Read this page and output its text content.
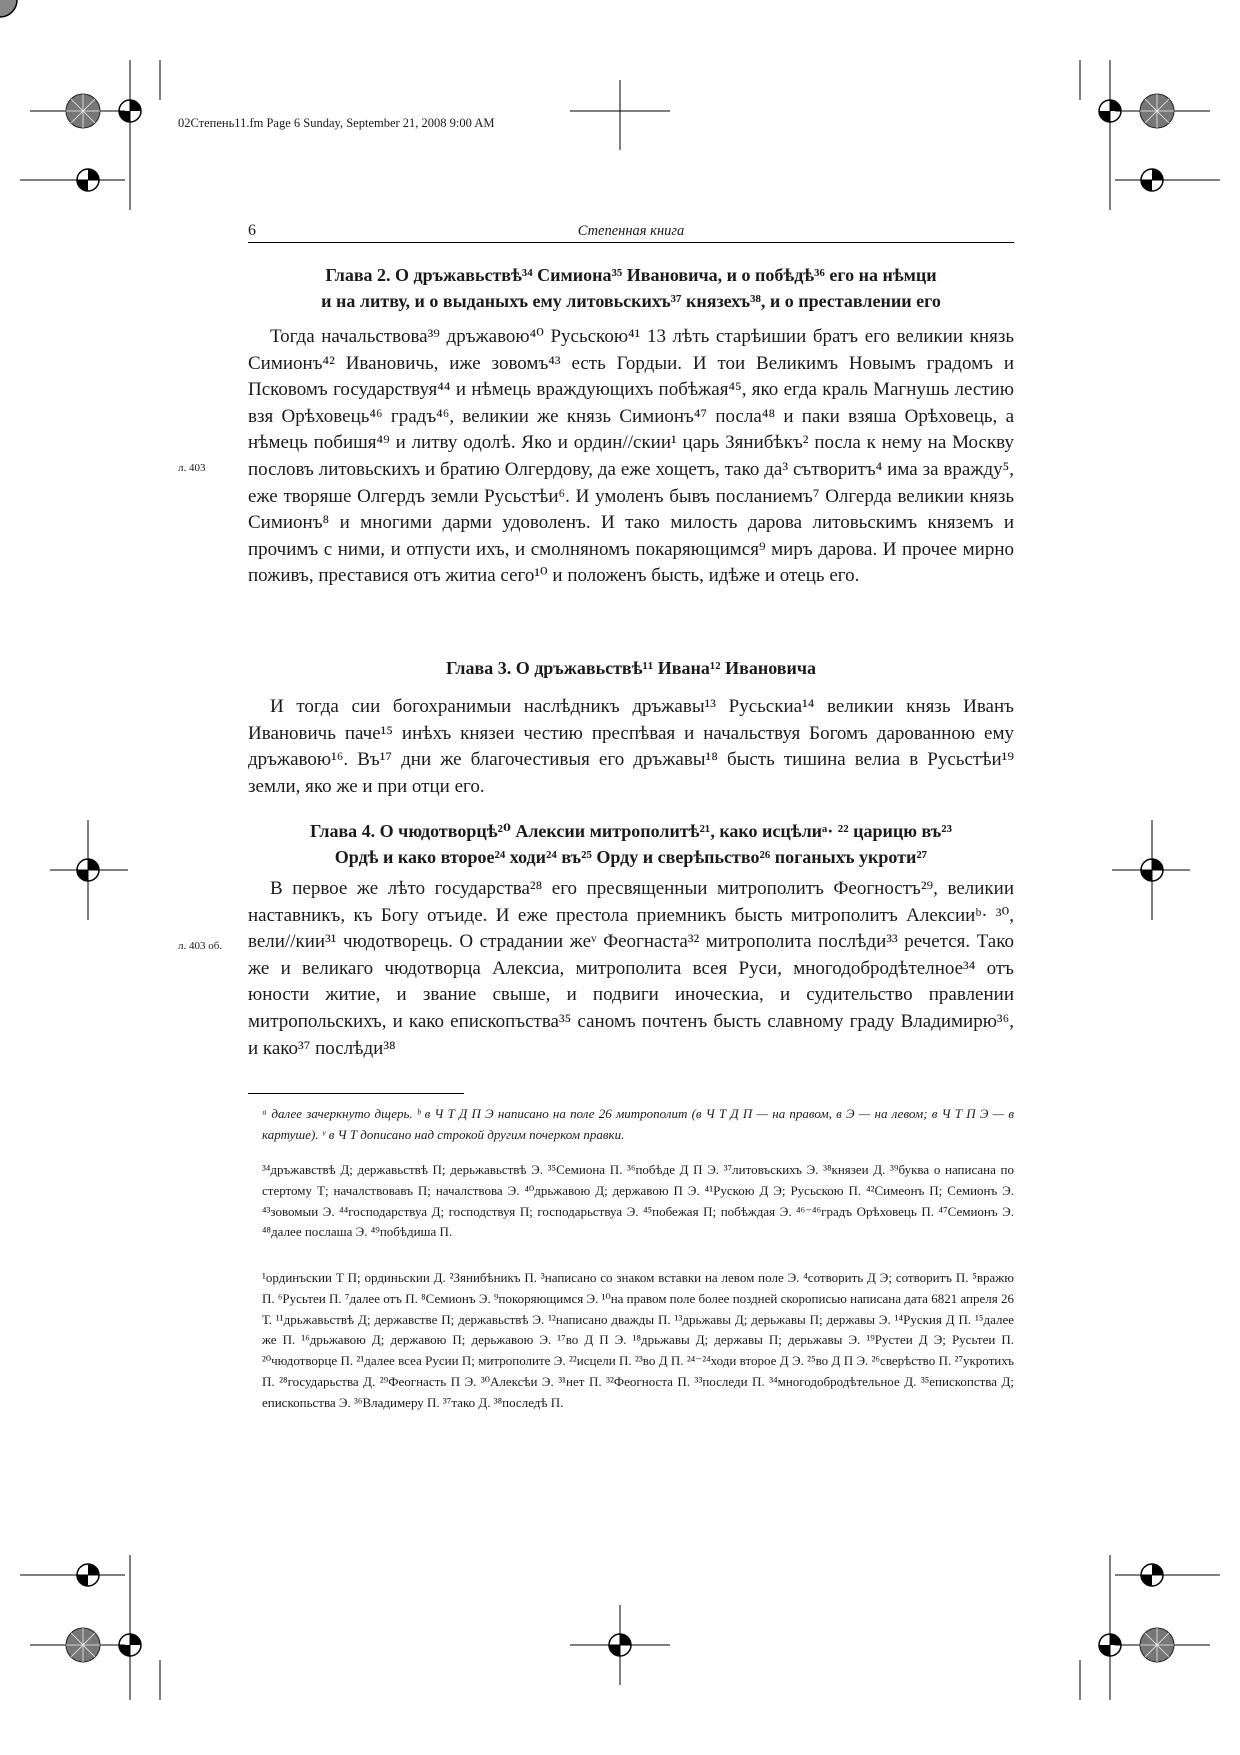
02Степень11.fm Page 6 Sunday, September 21, 2008 9:00 AM
6	Степенная книга
Глава 2. О дръжавьствѣ³⁴ Симиона³⁵ Ивановича, и о побѣдѣ³⁶ его на нѣмци
и на литву, и о выданыхъ ему литовьскихъ³⁷ князехъ³⁸, и о преставлении его

Тогда начальствова³⁹ дръжавою⁴⁰ Русьскою⁴¹ 13 лѣть старѣишии братъ его великии князь Симионъ⁴² Ивановичь, иже зовомъ⁴³ есть Гордыи. И тои Великимъ Новымъ градомъ и Псковомъ государствуя⁴⁴ и нѣмець враждующихъ побѣжая⁴⁵, яко егда краль Магнушь лестию взя Орѣховець⁴⁶ градъ⁴⁶, великии же князь Симионъ⁴⁷ посла⁴⁸ и паки взяша Орѣховець, а нѣмець побишя⁴⁹ и литву одолѣ. Яко и ордин//скии¹ царь Зянибѣкъ² посла к нему на Москву пословъ литовьскихъ и братию Олгердову, да еже хощетъ, тако да³ сътворитъ⁴ има за вражду⁵, еже творяше Олгердъ земли Русьстѣи⁶. И умоленъ бывъ посланиемъ⁷ Олгерда великии князь Симионъ⁸ и многими дарми удоволенъ. И тако милость дарова литовьскимъ княземъ и прочимъ с ними, и отпусти ихъ, и смолняномъ покаряющимся⁹ миръ дарова. И прочее мирно поживъ, преставися отъ житиа сего¹⁰ и положенъ бысть, идѣже и отець его.

л. 403
Глава 3. О дръжавьствѣ¹¹ Ивана¹² Ивановича

И тогда сии богохранимыи наслѣдникъ дръжавы¹³ Русьскиа¹⁴ великии князь Иванъ Ивановичь паче¹⁵ инѣхъ князеи честию преспѣвая и начальствуя Богомъ дарованною ему дръжавою¹⁶. Въ¹⁷ дни же благочестивыя его дръжавы¹⁸ бысть тишина велиа в Русьстѣи¹⁹ земли, яко же и при отци его.

Глава 4. О чюдотворцѣ²⁰ Алексии митрополитѣ²¹, како исцѣлиᵃ· ²² царицю въ²³
Ордѣ и како второе²⁴ ходи²⁴ въ²⁵ Орду и сверѣпьство²⁶ поганыхъ укроти²⁷

В первое же лѣто государства²⁸ его пресвященныи митрополитъ Феогностъ²⁹, великии наставникъ, къ Богу отъиде. И еже престола приемникъ бысть митрополитъ Алексииᵇ· ³⁰, вели//кии³¹ чюдотворець. О страдании жеᵛ Феогнаста³² митрополита послѣди³³ речется. Тако же и великаго чюдотворца Алексиа, митрополита всея Руси, многодобродѣтелное³⁴ отъ юности житие, и звание свыше, и подвиги иноческиа, и судительство правлении митропольскихъ, и како епископъства³⁵ саномъ почтенъ бысть славному граду Владимирю³⁶, и како³⁷ послѣди³⁸

л. 403 об.

ᵃ далее зачеркнуто дщерь. ᵇ в Ч Т Д П Э написано на поле 26 митрополит (в Ч Т Д П — на правом, в Э — на левом; в Ч Т П Э — в картуше). ᵛ в Ч Т дописано над строкой другим почерком правки.

³⁴дръжавствѣ Д; державьствѣ П; дерьжавьствѣ Э. ³⁵Семиона П. ³⁶побѣде Д П Э. ³⁷литовъскихъ Э. ³⁸князеи Д. ³⁹буква о написана по стертому Т; началствовавъ П; началствова Э. ⁴⁰дрьжавою Д; державою П Э. ⁴¹Рускою Д Э; Русьскою П. ⁴²Симеонъ П; Семионъ Э. ⁴³зовомыи Э. ⁴⁴господарствуа Д; господствуя П; господарьствуа Э. ⁴⁵побежая П; побѣждая Э. ⁴⁶⁻⁴⁶градъ Орѣховець П. ⁴⁷Семионъ Э. ⁴⁸далее послаша Э. ⁴⁹побѣдиша П.

¹ординъскии Т П; ординьскии Д. ²Зянибѣникъ П. ³написано со знаком вставки на левом поле Э. ⁴сотворить Д Э; сотворитъ П. ⁵вражю П. ⁶Русьтеи П. ⁷далее отъ П. ⁸Семионъ Э. ⁹покоряющимся Э. ¹⁰на правом поле более поздней скорописью написана дата 6821 апреля 26 Т. ¹¹дрьжавьствѣ Д; державстве П; державьствѣ Э. ¹²написано дважды П. ¹³дрьжавы Д; дерьжавы П; державы Э. ¹⁴Руския Д П. ¹⁵далее же П. ¹⁶дрьжавою Д; державою П; дерьжавою Э. ¹⁷во Д П Э. ¹⁸дрьжавы Д; державы П; дерьжавы Э. ¹⁹Рустеи Д Э; Русьтеи П. ²⁰чюдотворце П. ²¹далее всеа Русии П; митрополите Э. ²²исцели П. ²³во Д П. ²⁴⁻²⁴ходи второе Д Э. ²⁵во Д П Э. ²⁶сверѣство П. ²⁷укротихъ П. ²⁸государьства Д. ²⁹Феогнасть П Э. ³⁰Алексѣи Э. ³¹нет П. ³²Феогноста П. ³³последи П. ³⁴многодобродѣтельное Д. ³⁵епископства Д; епископьства Э. ³⁶Владимеру П. ³⁷тако Д. ³⁸последѣ П.
